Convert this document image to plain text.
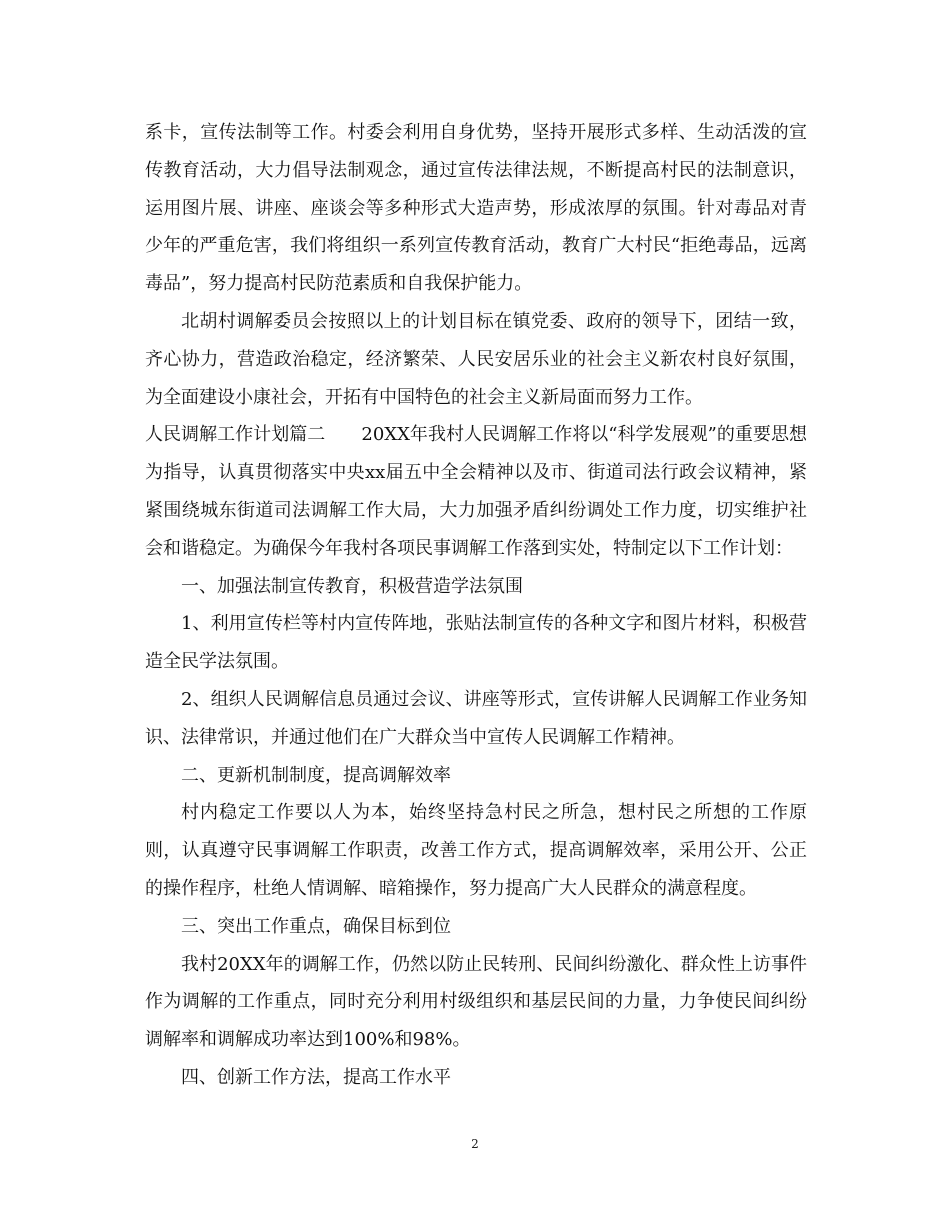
系卡，宣传法制等工作。村委会利用自身优势，坚持开展形式多样、生动活泼的宣传教育活动，大力倡导法制观念，通过宣传法律法规，不断提高村民的法制意识，运用图片展、讲座、座谈会等多种形式大造声势，形成浓厚的氛围。针对毒品对青少年的严重危害，我们将组织一系列宣传教育活动，教育广大村民“拒绝毒品，远离毒品”，努力提高村民防范素质和自我保护能力。

北胡村调解委员会按照以上的计划目标在镇党委、政府的领导下，团结一致，齐心协力，营造政治稳定，经济繁荣、人民安居乐业的社会主义新农村良好氛围，为全面建设小康社会，开拓有中国特色的社会主义新局面而努力工作。

人民调解工作计划篇二　　20XX年我村人民调解工作将以“科学发展观”的重要思想为指导，认真贯彻落实中央xx届五中全会精神以及市、街道司法行政会议精神，紧紧围绕城东街道司法调解工作大局，大力加强矛盾纠纷调处工作力度，切实维护社会和谐稳定。为确保今年我村各项民事调解工作落到实处，特制定以下工作计划：

一、加强法制宣传教育，积极营造学法氛围

1、利用宣传栏等村内宣传阵地，张贴法制宣传的各种文字和图片材料，积极营造全民学法氛围。

2、组织人民调解信息员通过会议、讲座等形式，宣传讲解人民调解工作业务知识、法律常识，并通过他们在广大群众当中宣传人民调解工作精神。

二、更新机制制度，提高调解效率

村内稳定工作要以人为本，始终坚持急村民之所急，想村民之所想的工作原则，认真遵守民事调解工作职责，改善工作方式，提高调解效率，采用公开、公正的操作程序，杜绝人情调解、暗箱操作，努力提高广大人民群众的满意程度。

三、突出工作重点，确保目标到位

我村20XX年的调解工作，仍然以防止民转刑、民间纠纷激化、群众性上访事件作为调解的工作重点，同时充分利用村级组织和基层民间的力量，力争使民间纠纷调解率和调解成功率达到100%和98%。

四、创新工作方法，提高工作水平

2
